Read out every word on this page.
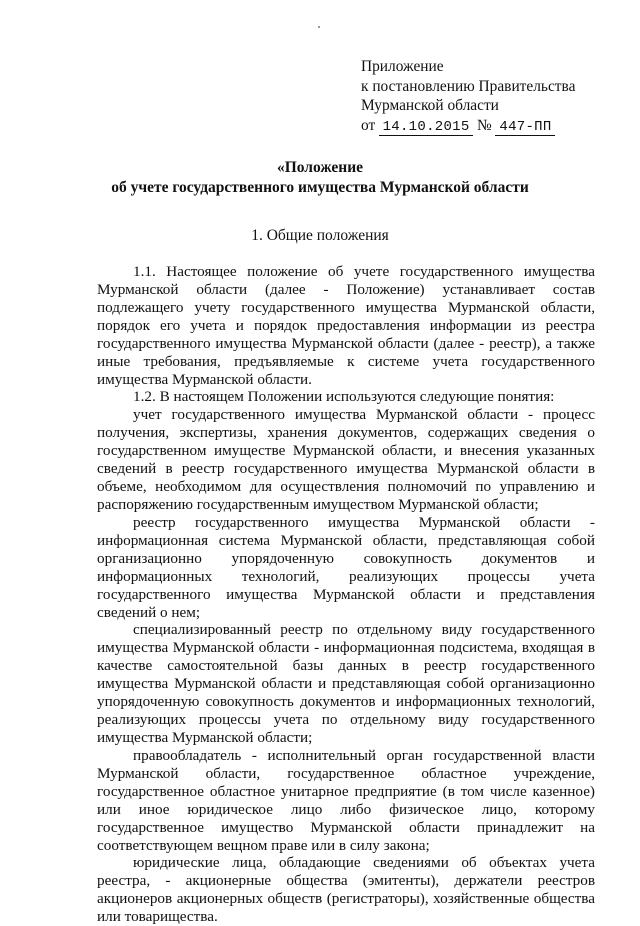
Приложение
к постановлению Правительства
Мурманской области
от 14.10.2015 № 447-ПП
«Положение
об учете государственного имущества Мурманской области
1. Общие положения

1.1. Настоящее положение об учете государственного имущества Мурманской области (далее - Положение) устанавливает состав подлежащего учету государственного имущества Мурманской области, порядок его учета и порядок предоставления информации из реестра государственного имущества Мурманской области (далее - реестр), а также иные требования, предъявляемые к системе учета государственного имущества Мурманской области.

1.2. В настоящем Положении используются следующие понятия:

учет государственного имущества Мурманской области - процесс получения, экспертизы, хранения документов, содержащих сведения о государственном имуществе Мурманской области, и внесения указанных сведений в реестр государственного имущества Мурманской области в объеме, необходимом для осуществления полномочий по управлению и распоряжению государственным имуществом Мурманской области;

реестр государственного имущества Мурманской области - информационная система Мурманской области, представляющая собой организационно упорядоченную совокупность документов и информационных технологий, реализующих процессы учета государственного имущества Мурманской области и представления сведений о нем;

специализированный реестр по отдельному виду государственного имущества Мурманской области - информационная подсистема, входящая в качестве самостоятельной базы данных в реестр государственного имущества Мурманской области и представляющая собой организационно упорядоченную совокупность документов и информационных технологий, реализующих процессы учета по отдельному виду государственного имущества Мурманской области;

правообладатель - исполнительный орган государственной власти Мурманской области, государственное областное учреждение, государственное областное унитарное предприятие (в том числе казенное) или иное юридическое лицо либо физическое лицо, которому государственное имущество Мурманской области принадлежит на соответствующем вещном праве или в силу закона;

юридические лица, обладающие сведениями об объектах учета реестра, - акционерные общества (эмитенты), держатели реестров акционеров акционерных обществ (регистраторы), хозяйственные общества или товарищества.
